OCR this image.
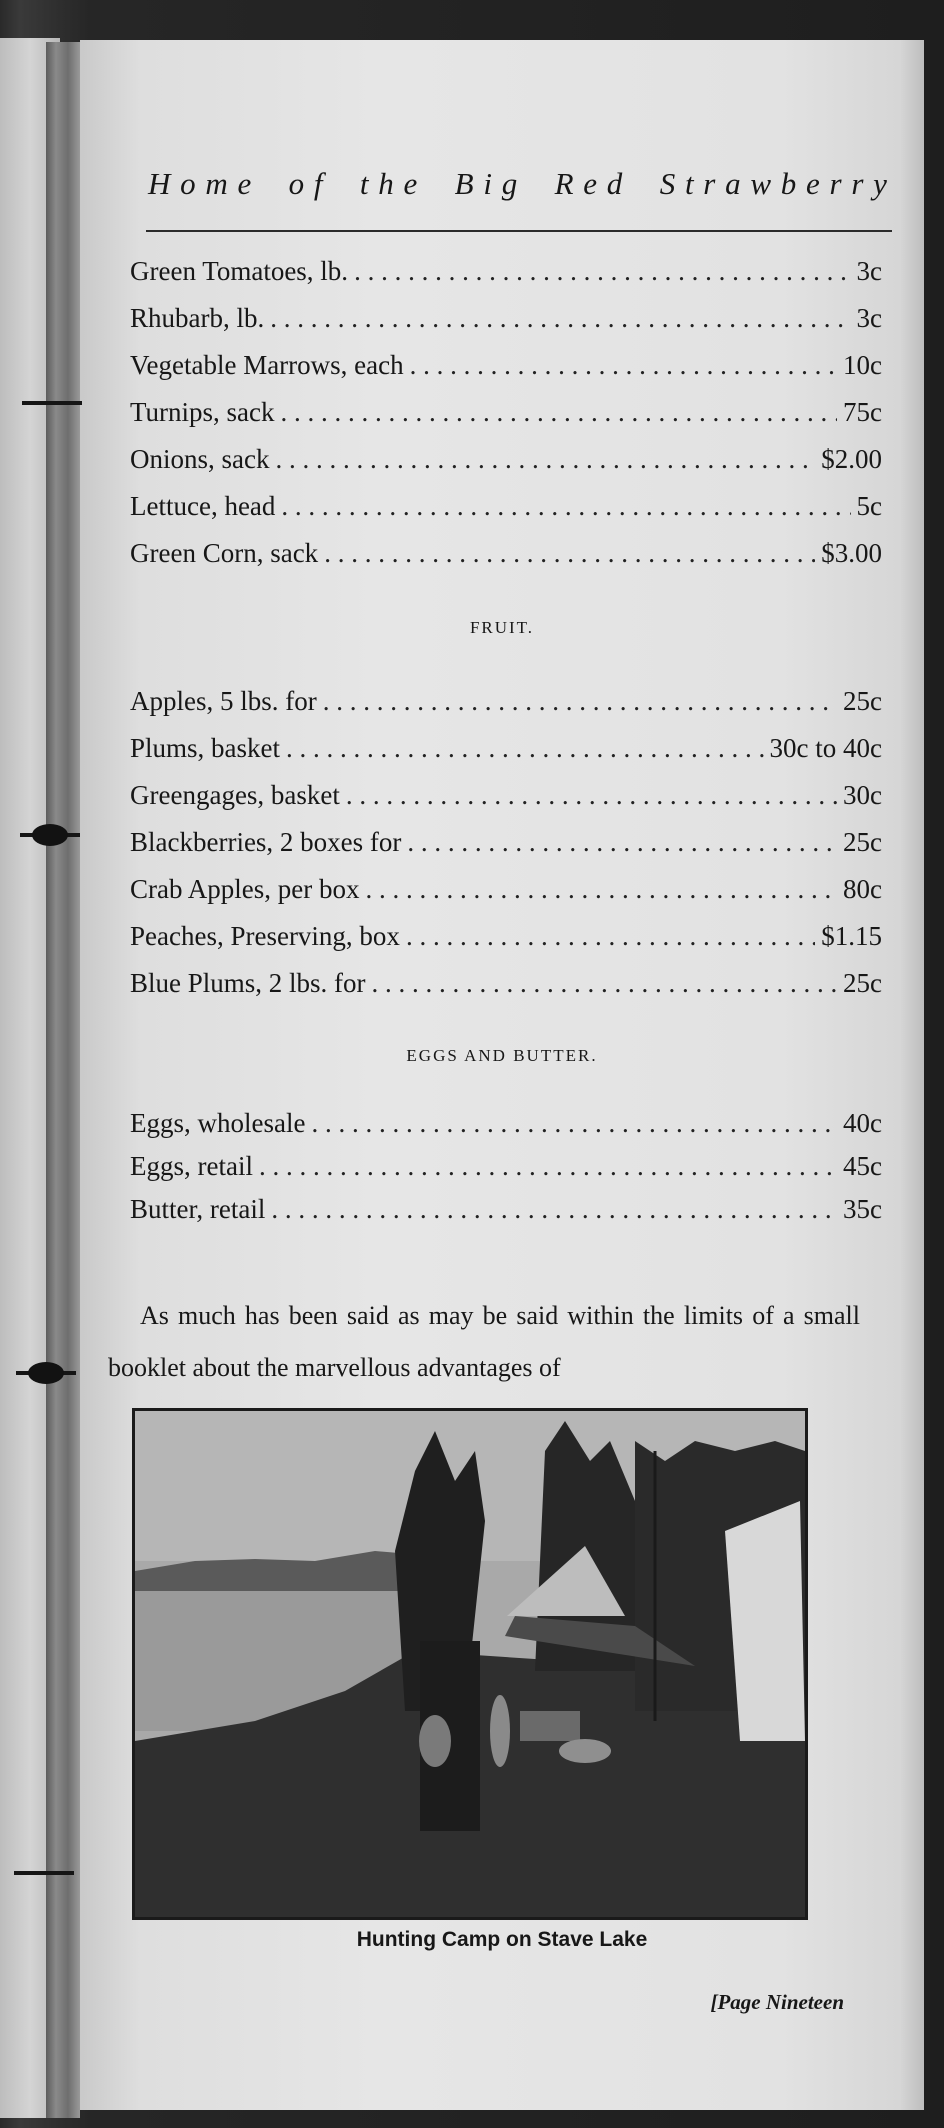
H o m e o f t h e B i g R e d S t r a w b e r r y
Green Tomatoes, lb. . . .	3c
Rhubarb, lb. . . .	3c
Vegetable Marrows, each . . .	10c
Turnips, sack . . .	75c
Onions, sack . . .	$2.00
Lettuce, head . . .	5c
Green Corn, sack . . .	$3.00
FRUIT.
Apples, 5 lbs. for . . .	25c
Plums, basket . . .	30c to 40c
Greengages, basket . . .	30c
Blackberries, 2 boxes for . . .	25c
Crab Apples, per box . . .	80c
Peaches, Preserving, box . . .	$1.15
Blue Plums, 2 lbs. for . . .	25c
EGGS AND BUTTER.
Eggs, wholesale . . .	40c
Eggs, retail . . .	45c
Butter, retail . . .	35c
As much has been said as may be said within the limits of a small booklet about the marvellous advantages of
Hunting Camp on Stave Lake
[Page Nineteen
